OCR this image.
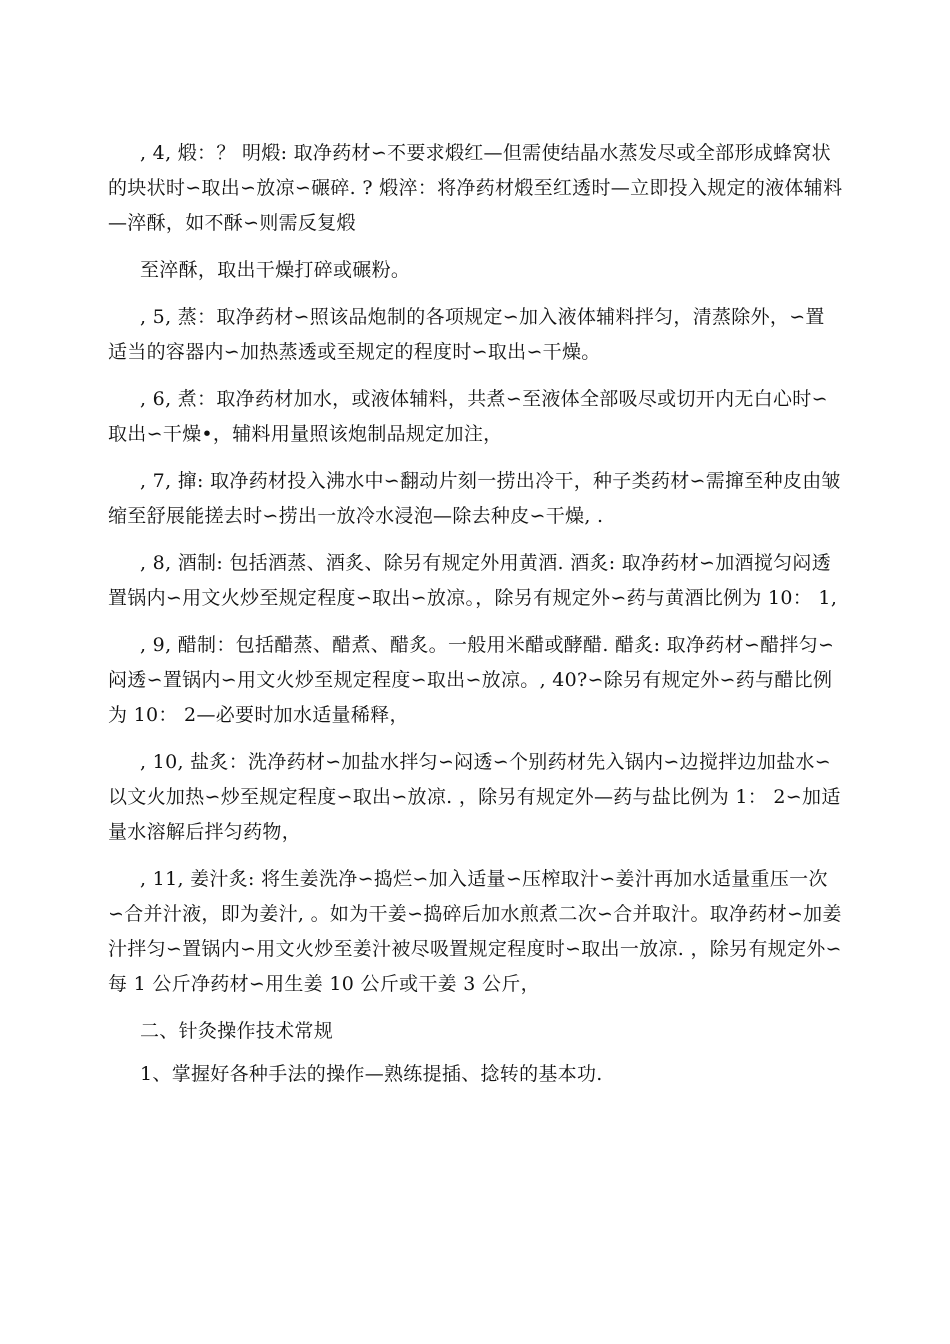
, 4, 煅：？ 明煅: 取净药材∽不要求煅红—但需使结晶水蒸发尽或全部形成蜂窝状的块状时∽取出∽放凉∽碾碎. ? 煅淬：将净药材煅至红透时—立即投入规定的液体辅料—淬酥，如不酥∽则需反复煅

至淬酥，取出干燥打碎或碾粉。

, 5, 蒸：取净药材∽照该品炮制的各项规定∽加入液体辅料拌匀，清蒸除外，∽置适当的容器内∽加热蒸透或至规定的程度时∽取出∽干燥。

, 6, 煮：取净药材加水，或液体辅料，共煮∽至液体全部吸尽或切开内无白心时∽取出∽干燥•，辅料用量照该炮制品规定加注，

, 7, 撺: 取净药材投入沸水中∽翻动片刻一捞出冷干，种子类药材∽需撺至种皮由皱缩至舒展能搓去时∽捞出一放冷水浸泡—除去种皮∽干燥, .

, 8, 酒制: 包括酒蒸、酒炙、除另有规定外用黄酒. 酒炙: 取净药材∽加酒搅匀闷透 置锅内∽用文火炒至规定程度∽取出∽放凉。，除另有规定外∽药与黄酒比例为 10： 1,

, 9, 醋制：包括醋蒸、醋煮、醋炙。一般用米醋或酵醋. 醋炙: 取净药材∽醋拌匀∽闷透∽置锅内∽用文火炒至规定程度∽取出∽放凉。, 40?∽除另有规定外∽药与醋比例为 10： 2—必要时加水适量稀释，

, 10, 盐炙：洗净药材∽加盐水拌匀∽闷透∽个别药材先入锅内∽边搅拌边加盐水∽以文火加热∽炒至规定程度∽取出∽放凉. ，除另有规定外—药与盐比例为 1： 2∽加适量水溶解后拌匀药物，

, 11, 姜汁炙: 将生姜洗净∽捣烂∽加入适量∽压榨取汁∽姜汁再加水适量重压一次∽合并汁液，即为姜汁, 。如为干姜∽捣碎后加水煎煮二次∽合并取汁。取净药材∽加姜汁拌匀∽置锅内∽用文火炒至姜汁被尽吸置规定程度时∽取出一放凉. ，除另有规定外∽每 1 公斤净药材∽用生姜 10 公斤或干姜 3 公斤，

二、针灸操作技术常规

1、掌握好各种手法的操作—熟练提插、捻转的基本功.
